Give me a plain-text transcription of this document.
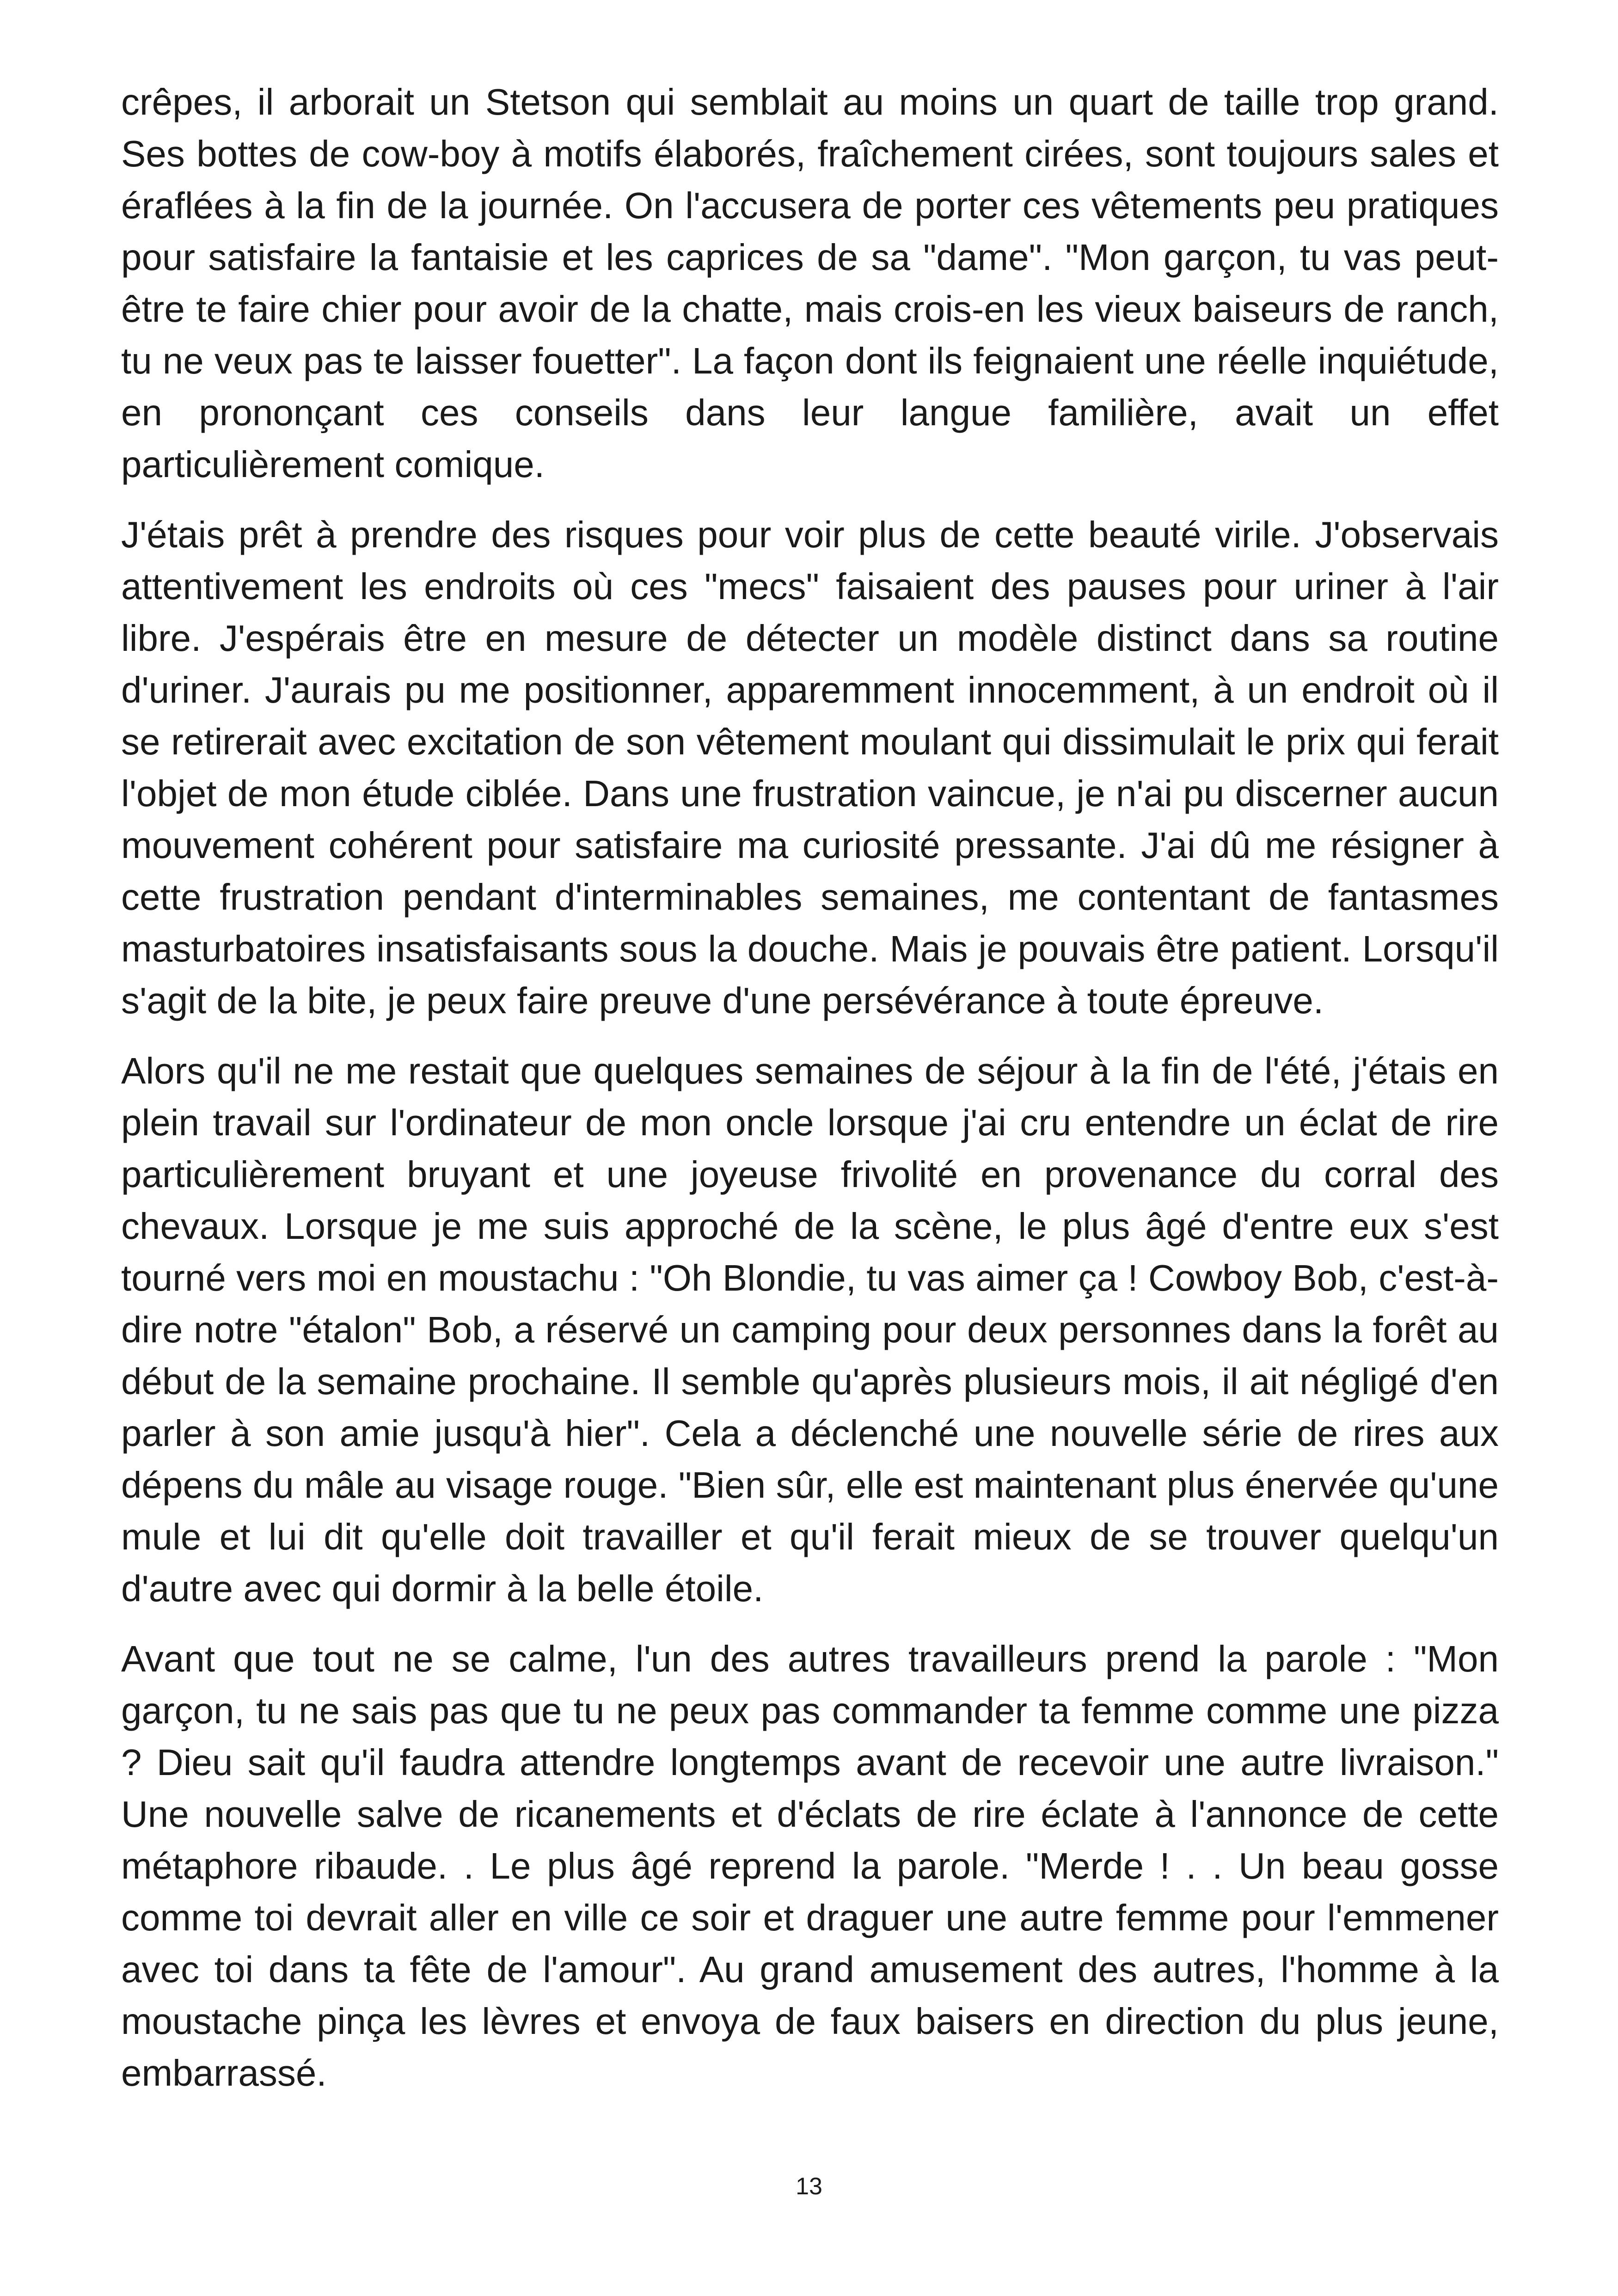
crêpes, il arborait un Stetson qui semblait au moins un quart de taille trop grand. Ses bottes de cow-boy à motifs élaborés, fraîchement cirées, sont toujours sales et éraflées à la fin de la journée. On l'accusera de porter ces vêtements peu pratiques pour satisfaire la fantaisie et les caprices de sa "dame". "Mon garçon, tu vas peut-être te faire chier pour avoir de la chatte, mais crois-en les vieux baiseurs de ranch, tu ne veux pas te laisser fouetter". La façon dont ils feignaient une réelle inquiétude, en prononçant ces conseils dans leur langue familière, avait un effet particulièrement comique.

J'étais prêt à prendre des risques pour voir plus de cette beauté virile. J'observais attentivement les endroits où ces "mecs" faisaient des pauses pour uriner à l'air libre. J'espérais être en mesure de détecter un modèle distinct dans sa routine d'uriner. J'aurais pu me positionner, apparemment innocemment, à un endroit où il se retirerait avec excitation de son vêtement moulant qui dissimulait le prix qui ferait l'objet de mon étude ciblée. Dans une frustration vaincue, je n'ai pu discerner aucun mouvement cohérent pour satisfaire ma curiosité pressante. J'ai dû me résigner à cette frustration pendant d'interminables semaines, me contentant de fantasmes masturbatoires insatisfaisants sous la douche. Mais je pouvais être patient. Lorsqu'il s'agit de la bite, je peux faire preuve d'une persévérance à toute épreuve.

Alors qu'il ne me restait que quelques semaines de séjour à la fin de l'été, j'étais en plein travail sur l'ordinateur de mon oncle lorsque j'ai cru entendre un éclat de rire particulièrement bruyant et une joyeuse frivolité en provenance du corral des chevaux. Lorsque je me suis approché de la scène, le plus âgé d'entre eux s'est tourné vers moi en moustachu : "Oh Blondie, tu vas aimer ça ! Cowboy Bob, c'est-à-dire notre "étalon" Bob, a réservé un camping pour deux personnes dans la forêt au début de la semaine prochaine. Il semble qu'après plusieurs mois, il ait négligé d'en parler à son amie jusqu'à hier". Cela a déclenché une nouvelle série de rires aux dépens du mâle au visage rouge. "Bien sûr, elle est maintenant plus énervée qu'une mule et lui dit qu'elle doit travailler et qu'il ferait mieux de se trouver quelqu'un d'autre avec qui dormir à la belle étoile.

Avant que tout ne se calme, l'un des autres travailleurs prend la parole : "Mon garçon, tu ne sais pas que tu ne peux pas commander ta femme comme une pizza ? Dieu sait qu'il faudra attendre longtemps avant de recevoir une autre livraison." Une nouvelle salve de ricanements et d'éclats de rire éclate à l'annonce de cette métaphore ribaude. . Le plus âgé reprend la parole. "Merde ! . . Un beau gosse comme toi devrait aller en ville ce soir et draguer une autre femme pour l'emmener avec toi dans ta fête de l'amour". Au grand amusement des autres, l'homme à la moustache pinça les lèvres et envoya de faux baisers en direction du plus jeune, embarrassé.

13
